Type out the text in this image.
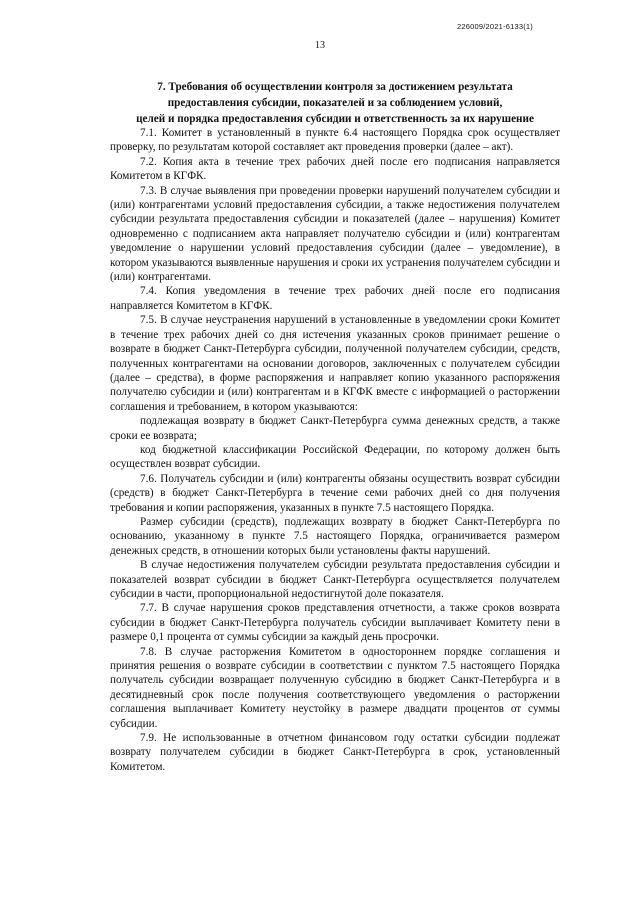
226009/2021-6133(1)
13
7. Требования об осуществлении контроля за достижением результата
предоставления субсидии, показателей и за соблюдением условий,
целей и порядка предоставления субсидии и ответственность за их нарушение

7.1. Комитет в установленный в пункте 6.4 настоящего Порядка срок осуществляет проверку, по результатам которой составляет акт проведения проверки (далее – акт).

7.2. Копия акта в течение трех рабочих дней после его подписания направляется Комитетом в КГФК.

7.3. В случае выявления при проведении проверки нарушений получателем субсидии и (или) контрагентами условий предоставления субсидии, а также недостижения получателем субсидии результата предоставления субсидии и показателей (далее – нарушения) Комитет одновременно с подписанием акта направляет получателю субсидии и (или) контрагентам уведомление о нарушении условий предоставления субсидии (далее – уведомление), в котором указываются выявленные нарушения и сроки их устранения получателем субсидии и (или) контрагентами.

7.4. Копия уведомления в течение трех рабочих дней после его подписания направляется Комитетом в КГФК.

7.5. В случае неустранения нарушений в установленные в уведомлении сроки Комитет в течение трех рабочих дней со дня истечения указанных сроков принимает решение о возврате в бюджет Санкт-Петербурга субсидии, полученной получателем субсидии, средств, полученных контрагентами на основании договоров, заключенных с получателем субсидии (далее – средства), в форме распоряжения и направляет копию указанного распоряжения получателю субсидии и (или) контрагентам и в КГФК вместе с информацией о расторжении соглашения и требованием, в котором указываются:

подлежащая возврату в бюджет Санкт-Петербурга сумма денежных средств, а также сроки ее возврата;

код бюджетной классификации Российской Федерации, по которому должен быть осуществлен возврат субсидии.

7.6. Получатель субсидии и (или) контрагенты обязаны осуществить возврат субсидии (средств) в бюджет Санкт-Петербурга в течение семи рабочих дней со дня получения требования и копии распоряжения, указанных в пункте 7.5 настоящего Порядка.

Размер субсидии (средств), подлежащих возврату в бюджет Санкт-Петербурга по основанию, указанному в пункте 7.5 настоящего Порядка, ограничивается размером денежных средств, в отношении которых были установлены факты нарушений.

В случае недостижения получателем субсидии результата предоставления субсидии и показателей возврат субсидии в бюджет Санкт-Петербурга осуществляется получателем субсидии в части, пропорциональной недостигнутой доле показателя.

7.7. В случае нарушения сроков представления отчетности, а также сроков возврата субсидии в бюджет Санкт-Петербурга получатель субсидии выплачивает Комитету пени в размере 0,1 процента от суммы субсидии за каждый день просрочки.

7.8. В случае расторжения Комитетом в одностороннем порядке соглашения и принятия решения о возврате субсидии в соответствии с пунктом 7.5 настоящего Порядка получатель субсидии возвращает полученную субсидию в бюджет Санкт-Петербурга и в десятидневный срок после получения соответствующего уведомления о расторжении соглашения выплачивает Комитету неустойку в размере двадцати процентов от суммы субсидии.

7.9. Не использованные в отчетном финансовом году остатки субсидии подлежат возврату получателем субсидии в бюджет Санкт-Петербурга в срок, установленный Комитетом.
